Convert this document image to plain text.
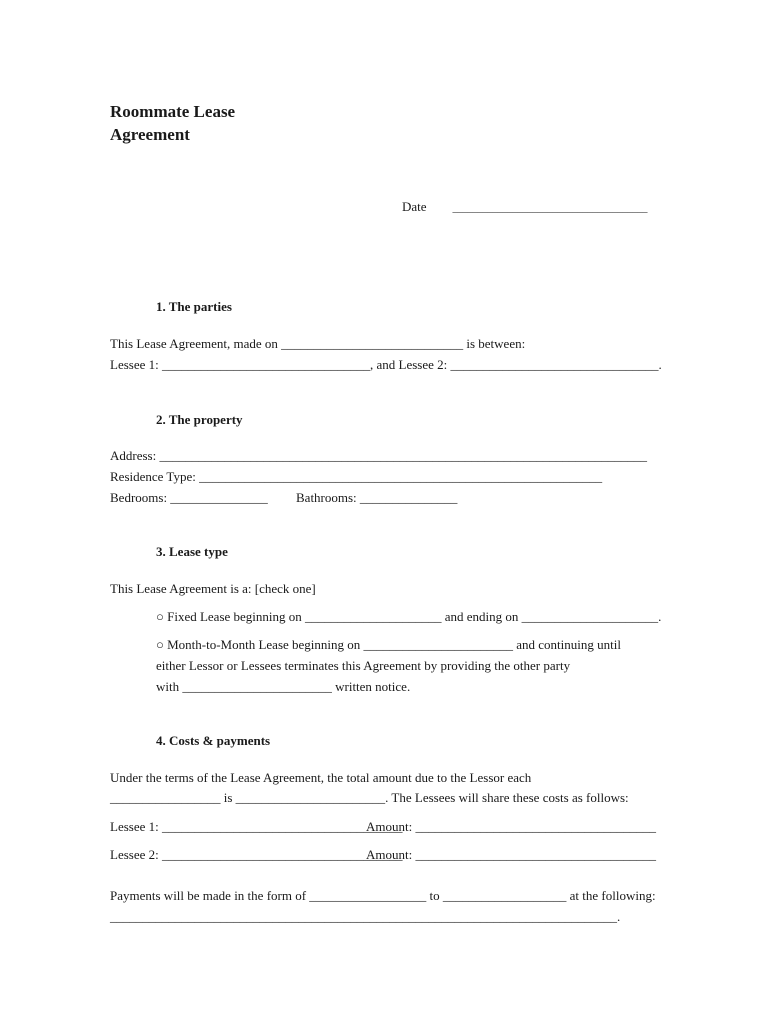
Roommate Lease
Agreement
Date	_______________________________________
1. The parties
This Lease Agreement, made on ____________________________ is between:
Lessee 1: ________________________________, and Lessee 2: ________________________________.
2. The property
Address: ___________________________________________________________________________
Residence Type: ______________________________________________________________
Bedrooms: _______________ Bathrooms: _______________
3. Lease type
This Lease Agreement is a: [check one]
○ Fixed Lease beginning on _____________________ and ending on _____________________.
○ Month-to-Month Lease beginning on _______________________ and continuing until
either Lessor or Lessees terminates this Agreement by providing the other party
with _______________________ written notice.
4. Costs & payments
Under the terms of the Lease Agreement, the total amount due to the Lessor each
_________________ is _______________________. The Lessees will share these costs as follows:
Lessee 1: _____________________________________
Amount: _____________________________________
Lessee 2: _____________________________________
Amount: _____________________________________
Payments will be made in the form of __________________ to ___________________ at the following:
______________________________________________________________________________.
